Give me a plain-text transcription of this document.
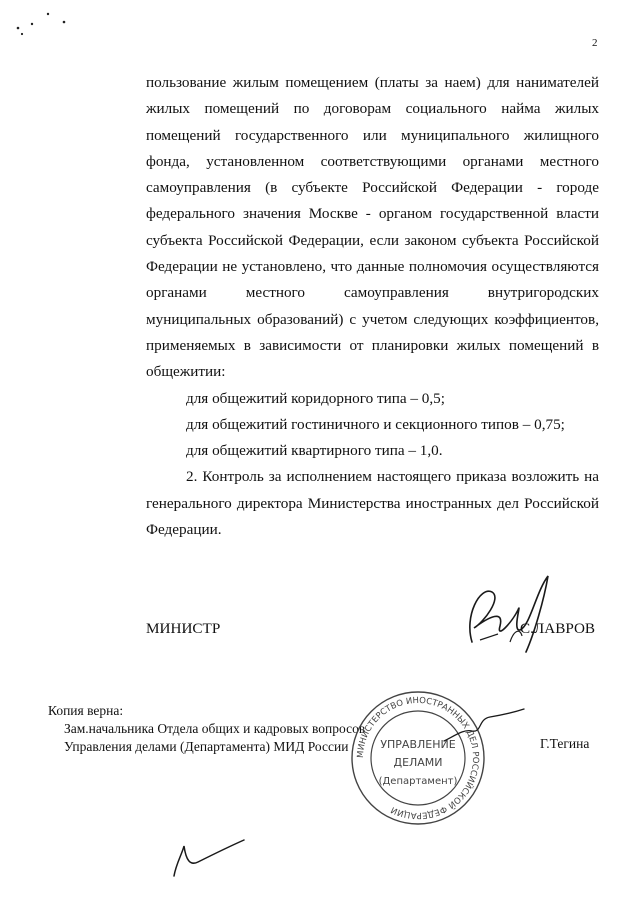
2

пользование жилым помещением (платы за наем) для нанимателей жилых помещений по договорам социального найма жилых помещений государственного или муниципального жилищного фонда, установленном соответствующими органами местного самоуправления (в субъекте Российской Федерации - городе федерального значения Москве - органом государственной власти субъекта Российской Федерации, если законом субъекта Российской Федерации не установлено, что данные полномочия осуществляются органами местного самоуправления внутригородских муниципальных образований) с учетом следующих коэффициентов, применяемых в зависимости от планировки жилых помещений в общежитии:

для общежитий коридорного типа – 0,5;

для общежитий гостиничного и секционного типов – 0,75;

для общежитий квартирного типа – 1,0.

2. Контроль за исполнением настоящего приказа возложить на генерального директора Министерства иностранных дел Российской Федерации.

МИНИСТР	С.ЛАВРОВ
Копия верна:
Зам.начальника Отдела общих и кадровых вопросов
Управления делами (Департамента) МИД России
МИНИСТЕРСТВО ИНОСТРАННЫХ ДЕЛ РОССИЙСКОЙ ФЕДЕРАЦИИ
УПРАВЛЕНИЕ
ДЕЛАМИ
(Департамент)
Г.Тегина
